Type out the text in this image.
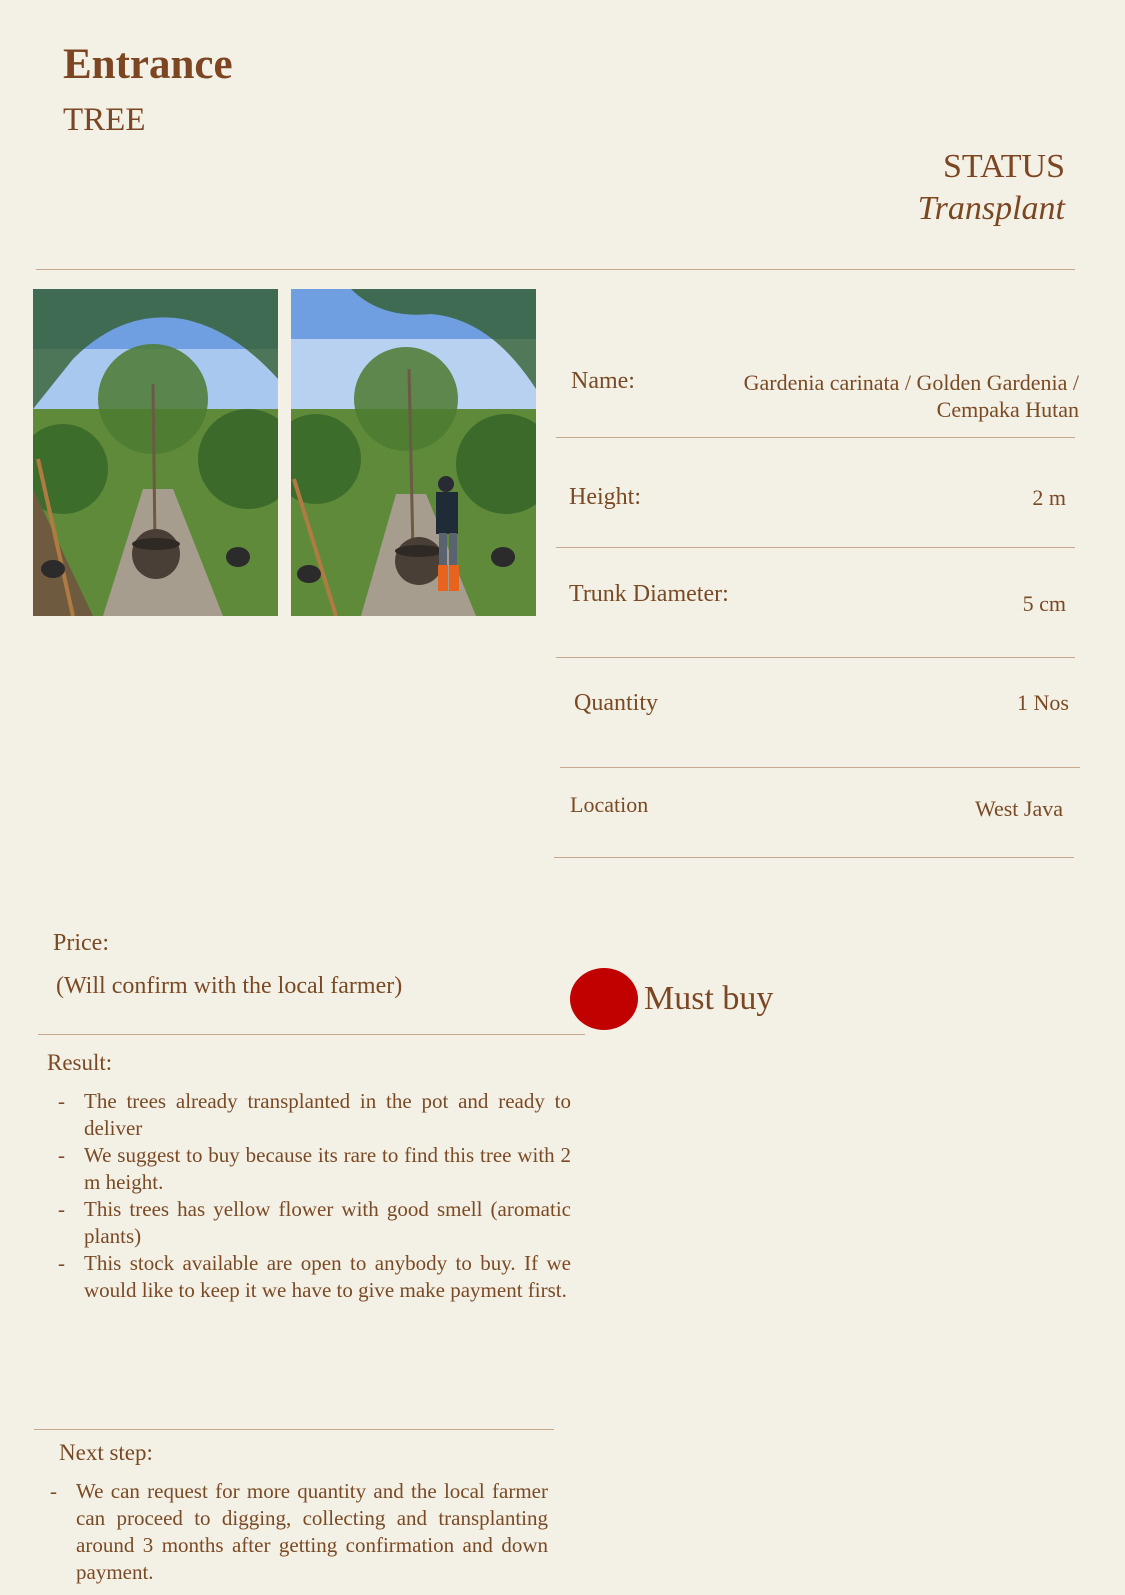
Entrance
TREE
STATUS
Transplant
Name:	Gardenia carinata / Golden Gardenia / Cempaka Hutan
Height:	2 m
Trunk Diameter:	5 cm
Quantity	1 Nos
Location	West Java
Price:
(Will confirm with the local farmer)	Must buy
Result:
- The trees already transplanted in the pot and ready to deliver
- We suggest to buy because its rare to find this tree with 2 m height.
- This trees has yellow flower with good smell (aromatic plants)
- This stock available are open to anybody to buy. If we would like to keep it we have to give make payment first.
Next step:
- We can request for more quantity and the local farmer can proceed to digging, collecting and transplanting around 3 months after getting confirmation and down payment.
